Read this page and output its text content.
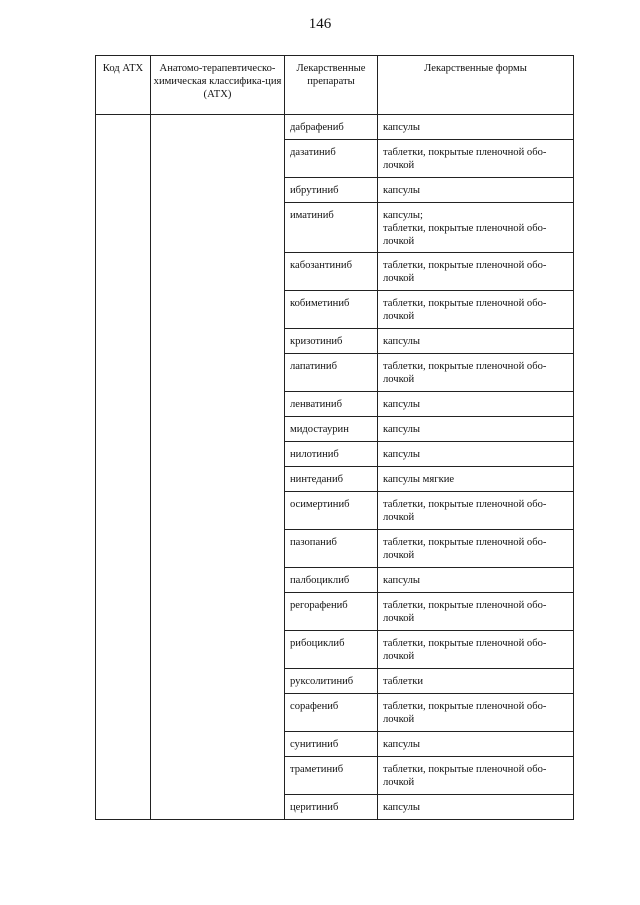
146
Код АТХ	Анатомо-терапевтическо-химическая классифика-ция (АТХ)	Лекарственные препараты	Лекарственные формы

		дабрафениб	капсулы

		дазатиниб	таблетки, покрытые пленочной обо-
лочкой

		ибрутиниб	капсулы

		иматиниб	капсулы;
таблетки, покрытые пленочной обо-
лочкой

		кабозантиниб	таблетки, покрытые пленочной обо-
лочкой

		кобиметиниб	таблетки, покрытые пленочной обо-
лочкой

		кризотиниб	капсулы

		лапатиниб	таблетки, покрытые пленочной обо-
лочкой

		ленватиниб	капсулы

		мидостаурин	капсулы

		нилотиниб	капсулы

		нинтеданиб	капсулы мягкие

		осимертиниб	таблетки, покрытые пленочной обо-
лочкой

		пазопаниб	таблетки, покрытые пленочной обо-
лочкой

		палбоциклиб	капсулы

		регорафениб	таблетки, покрытые пленочной обо-
лочкой

		рибоциклиб	таблетки, покрытые пленочной обо-
лочкой

		руксолитиниб	таблетки

		сорафениб	таблетки, покрытые пленочной обо-
лочкой

		сунитиниб	капсулы

		траметиниб	таблетки, покрытые пленочной обо-
лочкой

		церитиниб	капсулы
